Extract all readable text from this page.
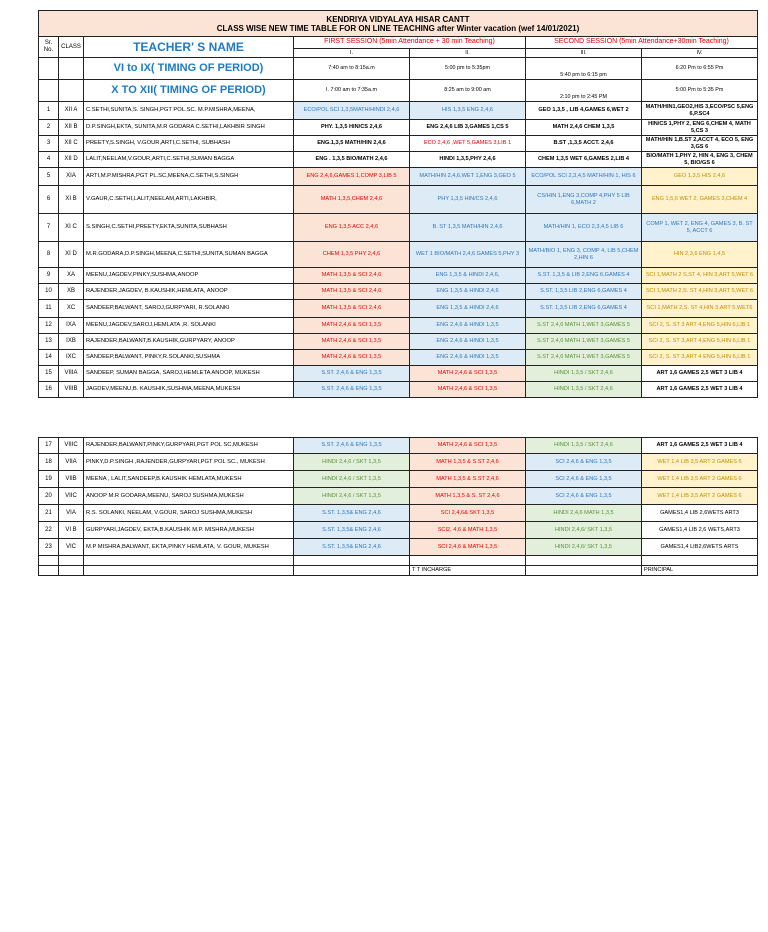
KENDRIYA VIDYALAYA HISAR CANTT
CLASS WISE NEW TIME TABLE FOR ON LINE TEACHING after Winter vacation (wef 14/01/2021)						

Sr. No.	CLASS	TEACHER' S NAME	FIRST SESSION (5min Attendance + 30 min Teaching)		SECOND SESSION (5min Attendance+30min Teaching)	
			I.	II.	III.	IV.
		VI to IX( TIMING OF PERIOD)	7:40 am to 8:15a.m	5:00 pm to 5:35pm	5:40 pm to 6:15 pm	6:20 Pm to 6:55 Pm
		X TO XII( TIMING OF PERIOD)	I. 7:00 am to 7:35a.m	8:25 am to 9:00 am	2:10 pm to 2:45 PM	5:00 Pm to 5:35 Pm
1	XII A	C.SETHI,SUNITA,S. SINGH,PGT POL.SC. M.P.MISHRA,MEENA,	ECO/POL SCI 1,3,5MATH/HINDI 2,4,6	HIS 1,3,5 ENG 2,4,6	GEO 1,3,5 , LIB 4,GAMES 6,WET 2	MATH/HIN1,GEO2,HIS 3,ECO/PSC 5,ENG 6,P.SC4
2	XII B	D.P.SINGH,EKTA, SUNITA,M.R GODARA C.SETHI,LAKHBIR SINGH	PHY. 1,3,5 HIN/CS 2,4,6	ENG 2,4,6 LIB 3,GAMES 1,CS 5	MATH 2,4,6 CHEM 1,3,5	HIN/CS 1,PHY 2, ENG 6,CHEM 4, MATH 5,CS 3
3	XII C	PREETY,S.SINGH, V.GOUR,ARTI,C.SETHI, SUBHASH	ENG.1,3,5 MATH/HIN 2,4,6	ECO 2,4,6 ,WET 5,GAMES 3,LIB 1	B.ST ,1,3,5 ACCT. 2,4,6	MATH/HIN 1,B.ST 2,ACCT 4, ECO 5, ENG 3,GS 6
4	XII D	LALIT,NEELAM,V.GOUR,ARTI,C.SETHI,SUMAN BAGGA	ENG . 1,3,5 BIO/MATH 2,4,6	HINDI 1,3,5,PHY 2,4,6	CHEM 1,3,5 WET 6,GAMES 2,LIB 4	BIO/MATH 1,PHY 2, HIN 4, ENG 3, CHEM 5, BIO/GS 6
5	XIA	ARTI,M.P.MISHRA,PGT PL.SC,MEENA,C.SETHI,S.SINGH	ENG 2,4,6,GAMES 1,COMP 3,LIB 5	MATH/HIN 2,4,6,WET 1,ENG 3,GEO 5	ECO/POL SCI 2,3,4,5 MATH/HIN 1, HIS 6	GEO 1,3,5 HIS 2,4,6
6	XI B	V.GAUR,C.SETHI,LALIT,NEELAM,ARTI,LAKHBIR,	MATH 1,3,5,CHEM 2,4,6	PHY 1,3,5 HIN/CS 2,4,6	CS/HIN 1,ENG 3,COMP 4,PHY 5 LIB 6,MATH 2	ENG 1,5,6 WET 2, GAMES 3,CHEM 4
7	XI C	S.SINGH,C.SETHI,PREETY,EKTA,SUNITA,SUBHASH	ENG 1,3,5 ACC 2,4,6	B. ST 1,3,5 MATH/HIN 2,4,6	MATH/HIN 1, ECO 2,3,4,5 LIB 6	COMP 1, WET 2, ENG 4, GAMES 3, B. ST 5, ACCT 6
8	XI D	M.R.GODARA,D.P.SINGH,MEENA,C.SETHI,SUNITA,SUMAN BAGGA	CHEM 1,3,5 PHY 2,4,6	WET 1 BIO/MATH 2,4,6 GAMES 5,PHY 3	MATH/BIO 1, ENG 3, COMP 4, LIB 5,CHEM 2,HIN 6	HIN 2,3,6 ENG 1,4,5
9	XA	MEENU,JAGDEV,PINKY,SUSHMA,ANOOP	MATH 1,3,5 & SCI 2,4,6	ENG 1,3,5 & HINDI 2,4,6,	S.ST. 1,3,5 & LIB 2,ENG 6,GAMES 4	SCI 1,MATH 2 S.ST 4, HIN 3,ART 5,WET 6
10	XB	RAJENDER,JAGDEV, B.KAUSHIK,HEMLATA, ANOOP	MATH 1,3,5 & SCI 2,4,6	ENG 1,3,5 & HINDI 2,4,6	S.ST. 1,3,5 LIB 2,ENG 6,GAMES 4	SCI 1,MATH 2,S. ST 4,HIN 3,ART 5,WET 6
11	XC	SANDEEP,BALWANT, SAROJ,GURPYARI, R.SOLANKI	MATH 1,3,5 & SCI 2,4,6	ENG 1,3,5 & HINDI 2,4,6	S.ST. 1,3,5 LIB 2,ENG 6,GAMES 4	SCI 1,MATH 2,S. ST 4,HIN 3,ART 5,WET6
12	IXA	MEENU,JAGDEV,SAROJ,HEMLATA ,R. SOLANKI	MATH 2,4,6 & SCI 1,3,5	ENG 2,4,6 & HINDI 1,3,5	S.ST 2,4,6 MATH 1,WET 3,GAMES 5	SCI 2, S. ST 3 ART 4,ENG 5,HIN 6,LIB 1
13	IXB	RAJENDER,BALWANT,B.KAUSHIK,GURPYARY, ANOOP	MATH 2,4,6 & SCI 1,3,5	ENG 2,4,6 & HINDI 1,3,5	S.ST 2,4,6 MATH 1,WET 3,GAMES 5	SCI 2, S. ST 3,ART 4,ENG 5,HIN 6,LIB 1
14	IXC	SANDEEP,BALWANT, PINKY,R.SOLANKI,SUSHMA	MATH 2,4,6 & SCI 1,3,5	ENG 2,4,6 & HINDI 1,3,5	S.ST 2,4,6 MATH 1,WET 3,GAMES 5	SCI 2, S. ST 3,ART 4 ENG 5,HIN 6,LIB 1
15	VIIIA	SANDEEP, SUMAN BAGGA, SAROJ,HEMLETA ANOOP, MUKESH	S.ST. 2,4,6 & ENG 1,3,5	MATH 2,4,6 & SCI 1,3,5	HINDI 1,3,5 / SKT 2,4,6	ART 1,6 GAMES 2,5 WET 3 LIB 4
16	VIIIB	JAGDEV,MEENU,B. KAUSHIK,SUSHMA,MEENA,MUKESH	S.ST. 2,4,6 & ENG 1,3,5	MATH 2,4,6 & SCI 1,3,5	HINDI 1,3,5 / SKT 2,4,6	ART 1,6 GAMES 2,5 WET 3 LIB 4
17	VIIIC	RAJENDER,BALWANT,PINKY,GURPYARI,PGT POL SC,MUKESH	S.ST. 2,4,6 & ENG 1,3,5	MATH 2,4,6 & SCI 1,3,5	HINDI 1,3,5 / SKT 2,4,6	ART 1,6 GAMES 2,5 WET 3 LIB 4
18	VIIA	PINKY,D.P.SINGH ,RAJENDER,GURPYARI,PGT POL SC., MUKESH	HINDI 2,4,6 / SKT 1,3,5	MATH 1,3,5 & S.ST 2,4,6	SCI 2,4,6 & ENG 1,3,5	WET 1,4 LIB 3,5 ART 2 GAMES 6
19	VIIB	MEENA , LALIT,SANDEEP,B.KAUSHIK HEMLATA,MUKESH	HINDI 2,4,6 / SKT 1,3,5	MATH 1,3,5 & S.ST 2,4,6	SCI 2,4,6 & ENG 1,3,5	WET 1,4 LIB 3,5 ART 2 GAMES 6
20	VIIC	ANOOP M.R GODARA,MEENU, SAROJ SUSHMA,MUKESH	HINDI 2,4,6 / SKT 1,3,5	MATH 1,3,5 & S. ST 2,4,6	SCI 2,4,6 & ENG 1,3,5	WET 1,4 LIB 3,5 ART 2 GAMES 6
21	VIA	R.S. SOLANKI, NEELAM, V.GOUR, SAROJ SUSHMA,MUKESH	S.ST. 1,3,5& ENG 2,4,6	SCI 2,4,6& SKT 1,3,5	HINDI 2,4,6 MATH 1,3,5	GAMES1,4 LIB 2,6WETS ART3
22	VI B	GURPYARI,JAGDEV, EKTA,B.KAUSHIK M.P. MISHRA,MUKESH	S.ST. 1,3,5& ENG 2,4,6	SCI2, 4,6 & MATH 1,3,5	HINDI 2,4,6/ SKT 1,3,5	GAMES1,4 LIB 2,6 WETS,ART3
23	VIC	M.P MISHRA,BALWANT, EKTA,PINKY HEMLATA, V. GOUR, MUKESH	S.ST. 1,3,5& ENG 2,4,6	SCI 2,4,6 & MATH 1,3,5	HINDI 2,4,6/ SKT 1,3,5	GAMES1,4 LIB2,6WETS ARTS

				T T INCHARGE		PRINCIPAL
